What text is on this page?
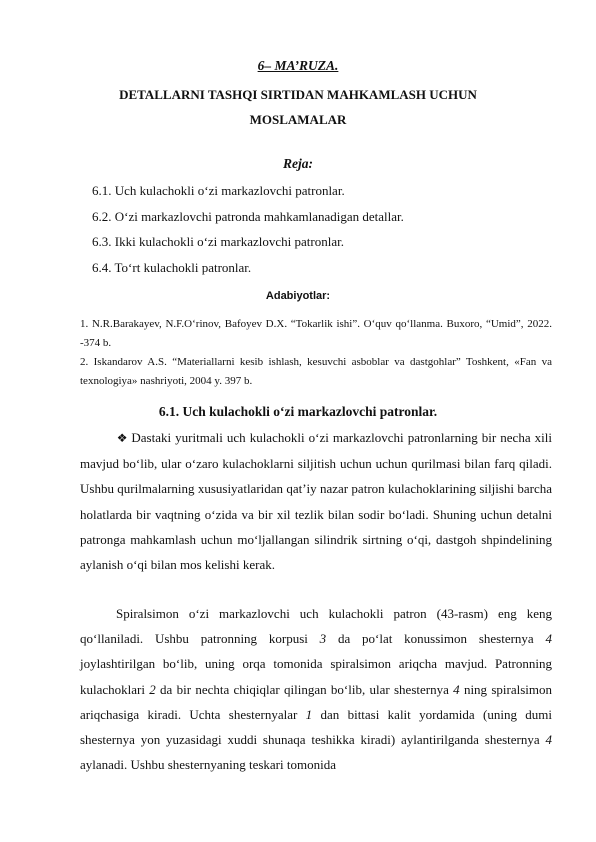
6– MA’RUZA.
DETALLARNI TASHQI SIRTIDAN MAHKAMLASH UCHUN
MOSLAMALAR
Reja:
6.1. Uch kulachokli o‘zi markazlovchi patronlar.
6.2. O‘zi markazlovchi patronda mahkamlanadigan detallar.
6.3. Ikki kulachokli o‘zi markazlovchi patronlar.
6.4. To‘rt kulachokli patronlar.
Adabiyotlar:

1. N.R.Barakayev, N.F.O‘rinov, Bafoyev D.X. “Tokarlik ishi”. O‘quv qo‘llanma. Buxoro, “Umid”, 2022. -374 b.

2. Iskandarov A.S. “Materiallarni kesib ishlash, kesuvchi asboblar va dastgohlar” Toshkent, «Fan va texnologiya» nashriyoti, 2004 y. 397 b.

6.1. Uch kulachokli o‘zi markazlovchi patronlar.

❖ Dastaki yuritmali uch kulachokli o‘zi markazlovchi patronlarning bir necha xili mavjud bo‘lib, ular o‘zaro kulachoklarni siljitish uchun uchun qurilmasi bilan farq qiladi. Ushbu qurilmalarning xususiyatlaridan qat’iy nazar patron kulachoklarining siljishi barcha holatlarda bir vaqtning o‘zida va bir xil tezlik bilan sodir bo‘ladi. Shuning uchun detalni patronga mahkamlash uchun mo‘ljallangan silindrik sirtning o‘qi, dastgoh shpindelining aylanish o‘qi bilan mos kelishi kerak.

Spiralsimon o‘zi markazlovchi uch kulachokli patron (43-rasm) eng keng qo‘llaniladi. Ushbu patronning korpusi 3 da po‘lat konussimon shesternya 4 joylashtirilgan bo‘lib, uning orqa tomonida spiralsimon ariqcha mavjud. Patronning kulachoklari 2 da bir nechta chiqiqlar qilingan bo‘lib, ular shesternya 4 ning spiralsimon ariqchasiga kiradi. Uchta shesternyalar 1 dan bittasi kalit yordamida (uning dumi shesternya yon yuzasidagi xuddi shunaqa teshikka kiradi) aylantirilganda shesternya 4 aylanadi. Ushbu shesternyaning teskari tomonida
